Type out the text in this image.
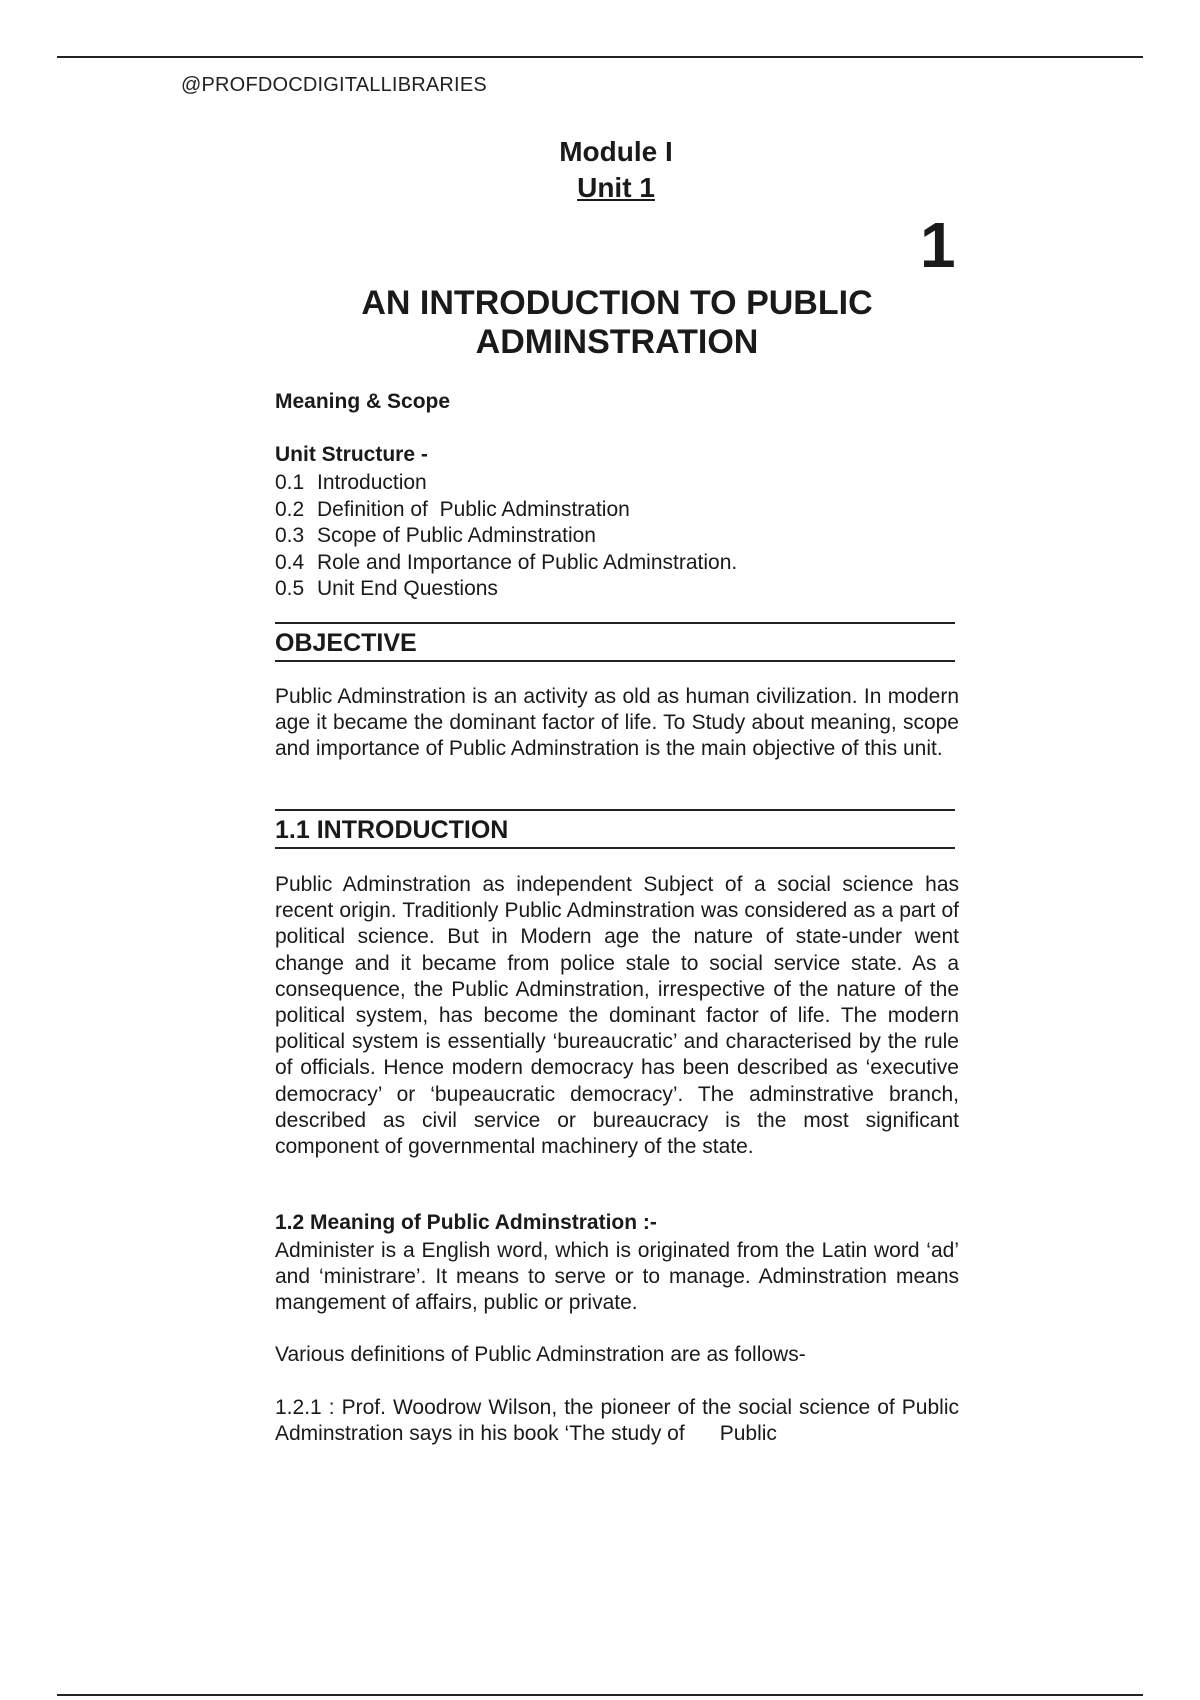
@PROFDOCDIGITALLIBRARIES
Module I
Unit 1
1
AN INTRODUCTION TO PUBLIC
ADMINSTRATION
Meaning & Scope
Unit Structure -
0.1 Introduction
0.2 Definition of  Public Adminstration
0.3 Scope of Public Adminstration
0.4 Role and Importance of Public Adminstration.
0.5 Unit End Questions
OBJECTIVE
Public Adminstration is an activity as old as human civilization. In modern age it became the dominant factor of life. To Study about meaning, scope and importance of Public Adminstration is the main objective of this unit.
1.1 INTRODUCTION
Public Adminstration as independent Subject of a social science has recent origin. Traditionly Public Adminstration was considered as a part of political science. But in Modern age the nature of state-under went change and it became from police stale to social service state. As a consequence, the Public Adminstration, irrespective of the nature of the political system, has become the dominant factor of life. The modern political system is essentially ‘bureaucratic’ and characterised by the rule of officials. Hence modern democracy has been described as ‘executive democracy’ or ‘bupeaucratic democracy’. The adminstrative branch, described as civil service or bureaucracy is the most significant component of governmental machinery of the state.
1.2 Meaning of Public Adminstration :-
Administer is a English word, which is originated from the Latin word ‘ad’ and ‘ministrare’. It means to serve or to manage. Adminstration means mangement of affairs, public or private.
Various definitions of Public Adminstration are as follows-
1.2.1 : Prof. Woodrow Wilson, the pioneer of the social science of Public Adminstration says in his book ‘The study of      Public
